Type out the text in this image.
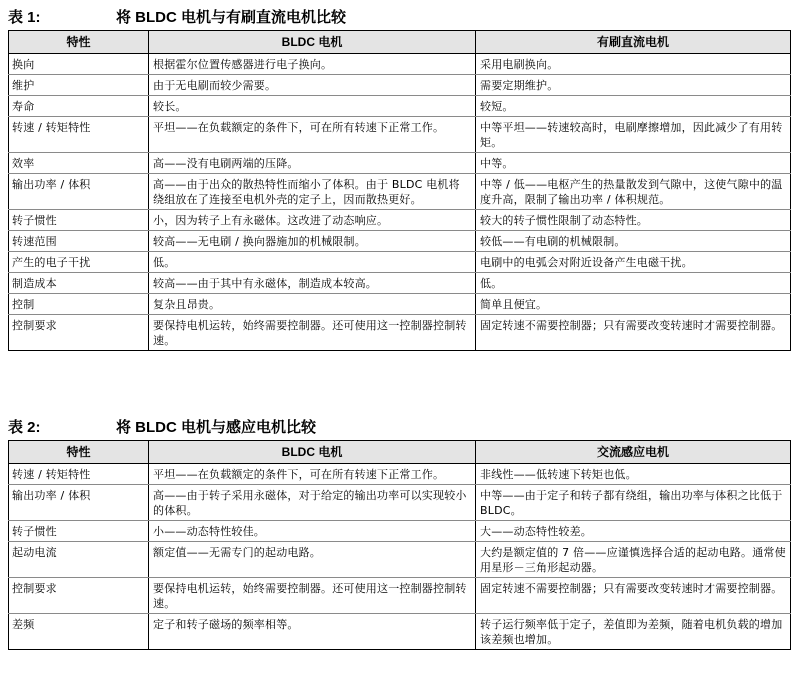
表 1:	将 BLDC 电机与有刷直流电机比较
特性	BLDC 电机	有刷直流电机
换向	根据霍尔位置传感器进行电子换向。	采用电刷换向。
维护	由于无电刷而较少需要。	需要定期维护。
寿命	较长。	较短。
转速 / 转矩特性	平坦——在负载额定的条件下，可在所有转速下正常工作。	中等平坦——转速较高时，电刷摩擦增加，因此减少了有用转矩。
效率	高——没有电刷两端的压降。	中等。
输出功率 / 体积	高——由于出众的散热特性而缩小了体积。由于 BLDC 电机将绕组放在了连接至电机外壳的定子上，因而散热更好。	中等 / 低——电枢产生的热量散发到气隙中，这使气隙中的温度升高，限制了输出功率 / 体积规范。
转子惯性	小，因为转子上有永磁体。这改进了动态响应。	较大的转子惯性限制了动态特性。
转速范围	较高——无电刷 / 换向器施加的机械限制。	较低——有电刷的机械限制。
产生的电子干扰	低。	电刷中的电弧会对附近设备产生电磁干扰。
制造成本	较高——由于其中有永磁体，制造成本较高。	低。
控制	复杂且昂贵。	简单且便宜。
控制要求	要保持电机运转，始终需要控制器。还可使用这一控制器控制转速。	固定转速不需要控制器；只有需要改变转速时才需要控制器。
表 2:	将 BLDC 电机与感应电机比较
特性	BLDC 电机	交流感应电机
转速 / 转矩特性	平坦——在负载额定的条件下，可在所有转速下正常工作。	非线性——低转速下转矩也低。
输出功率 / 体积	高——由于转子采用永磁体，对于给定的输出功率可以实现较小的体积。	中等——由于定子和转子都有绕组，输出功率与体积之比低于 BLDC。
转子惯性	小——动态特性较佳。	大——动态特性较差。
起动电流	额定值——无需专门的起动电路。	大约是额定值的 7 倍——应谨慎选择合适的起动电路。通常使用星形－三角形起动器。
控制要求	要保持电机运转，始终需要控制器。还可使用这一控制器控制转速。	固定转速不需要控制器；只有需要改变转速时才需要控制器。
差频	定子和转子磁场的频率相等。	转子运行频率低于定子，差值即为差频，随着电机负载的增加该差频也增加。
